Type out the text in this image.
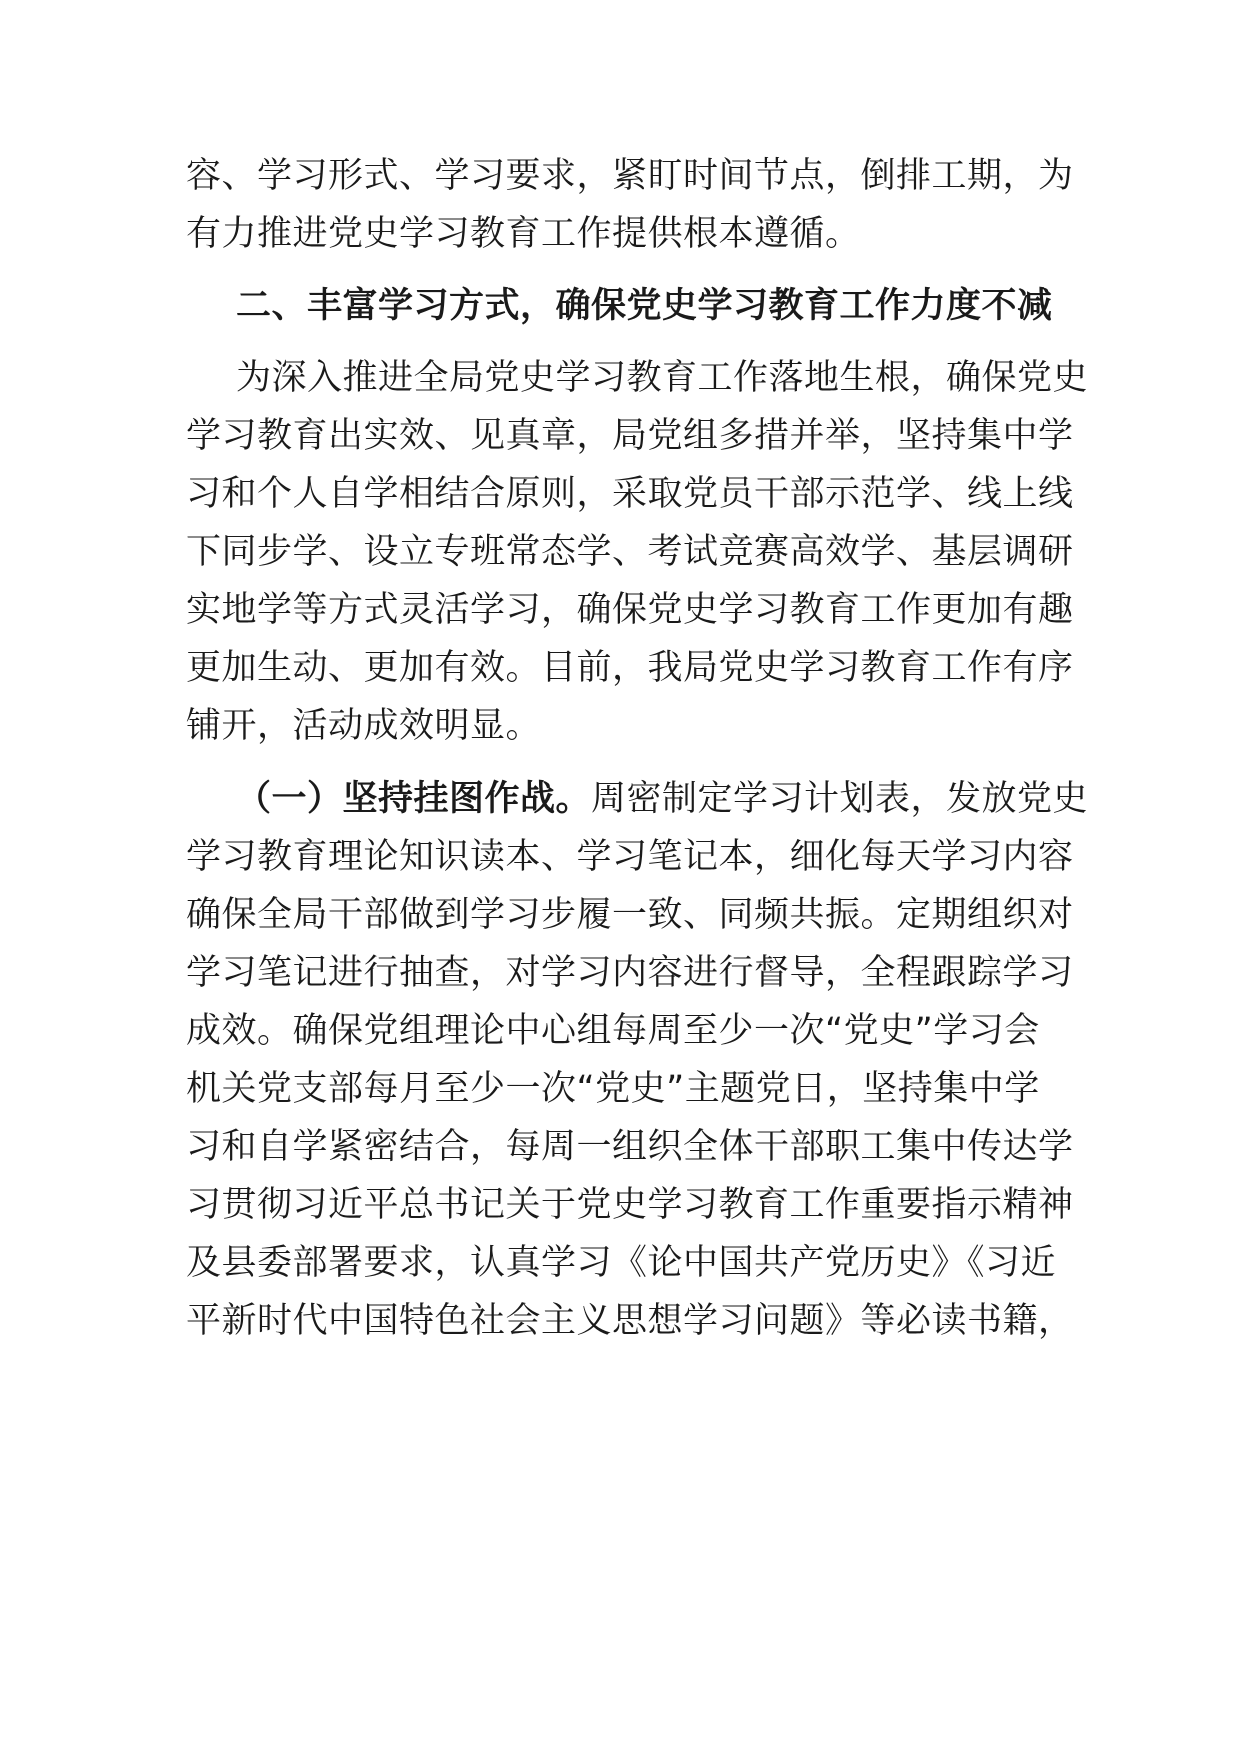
容、学习形式、学习要求，紧盯时间节点，倒排工期，为
有力推进党史学习教育工作提供根本遵循。
二、丰富学习方式，确保党史学习教育工作力度不减
为深入推进全局党史学习教育工作落地生根，确保党史
学习教育出实效、见真章，局党组多措并举，坚持集中学
习和个人自学相结合原则，采取党员干部示范学、线上线
下同步学、设立专班常态学、考试竞赛高效学、基层调研
实地学等方式灵活学习，确保党史学习教育工作更加有趣
更加生动、更加有效。目前，我局党史学习教育工作有序
铺开，活动成效明显。
（一）坚持挂图作战。周密制定学习计划表，发放党史
学习教育理论知识读本、学习笔记本，细化每天学习内容
确保全局干部做到学习步履一致、同频共振。定期组织对
学习笔记进行抽查，对学习内容进行督导，全程跟踪学习
成效。确保党组理论中心组每周至少一次“党史”学习会
机关党支部每月至少一次“党史”主题党日，坚持集中学
习和自学紧密结合，每周一组织全体干部职工集中传达学
习贯彻习近平总书记关于党史学习教育工作重要指示精神
及县委部署要求，认真学习《论中国共产党历史》《习近
平新时代中国特色社会主义思想学习问题》等必读书籍，
